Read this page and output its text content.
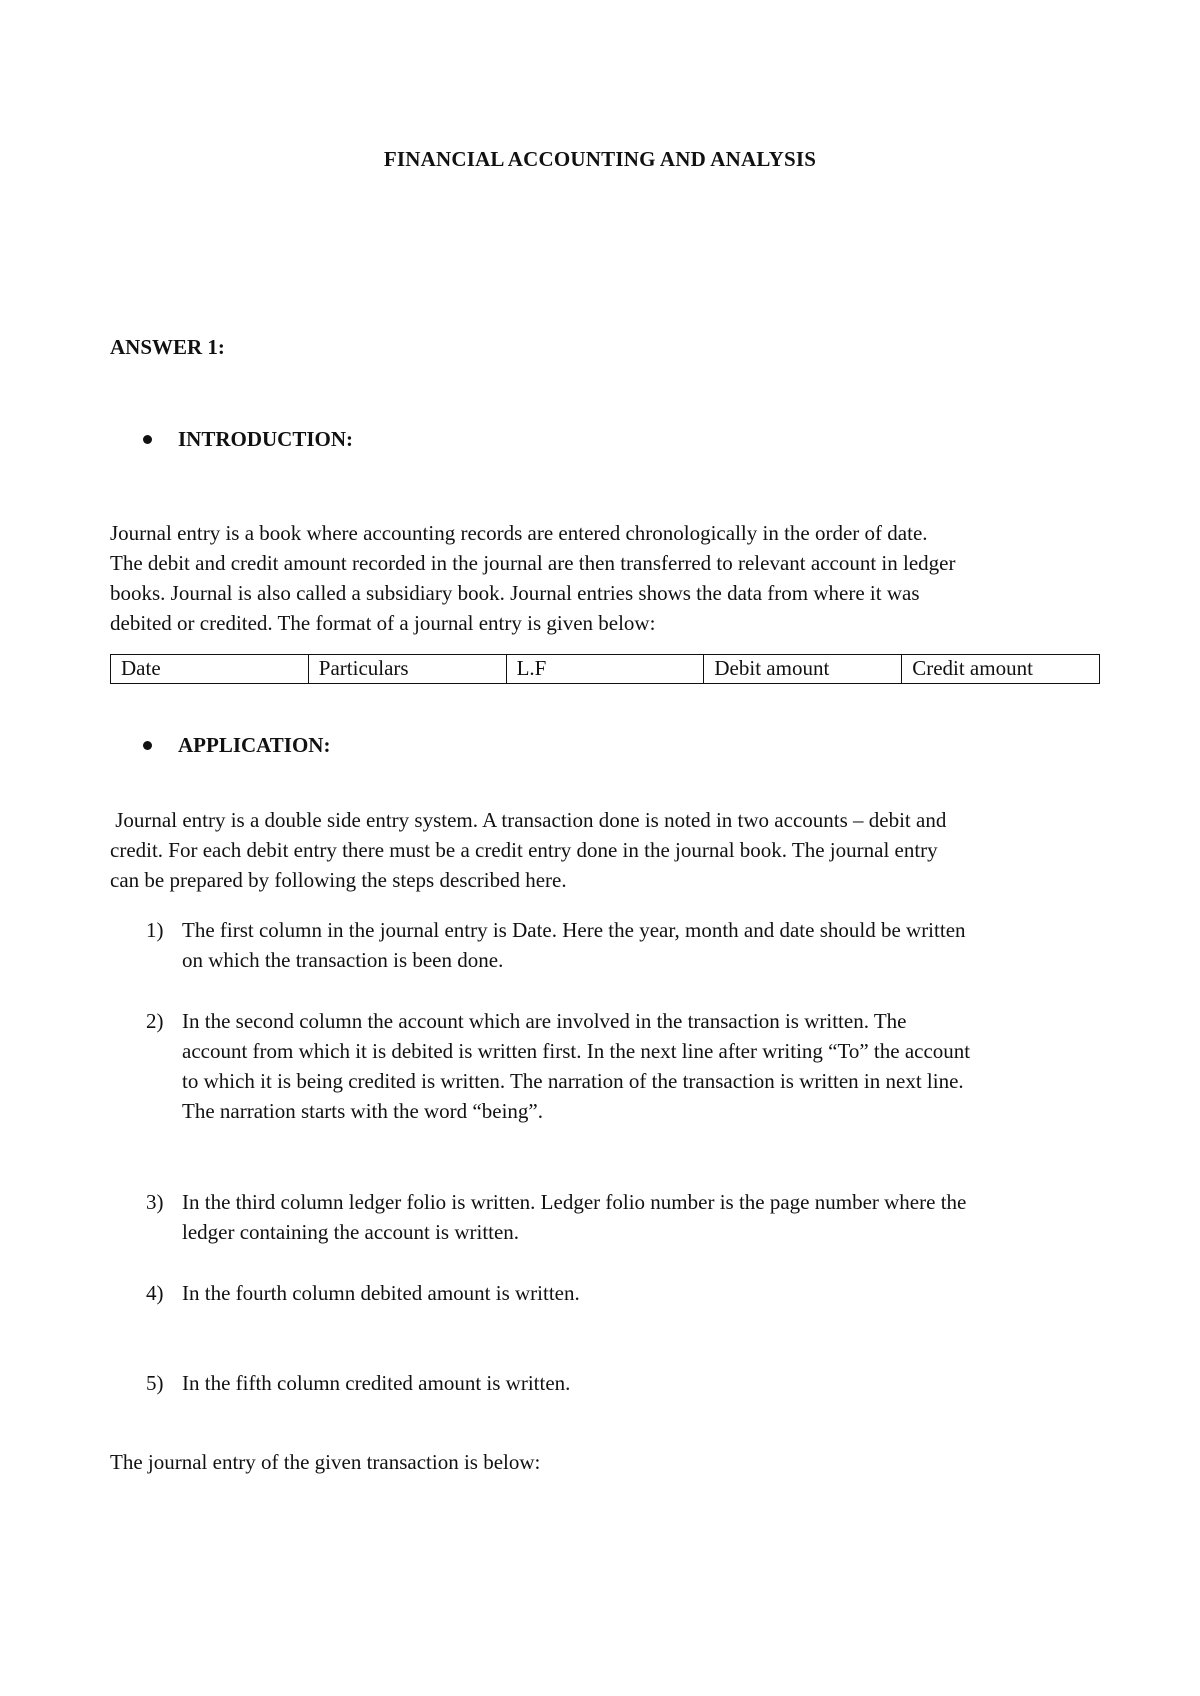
FINANCIAL ACCOUNTING AND ANALYSIS
ANSWER 1:
INTRODUCTION:
Journal entry is a book where accounting records are entered chronologically in the order of date.
The debit and credit amount recorded in the journal are then transferred to relevant account in ledger
books. Journal is also called a subsidiary book. Journal entries shows the data from where it was
debited or credited. The format of a journal entry is given below:
Date	Particulars	L.F	Debit amount	Credit amount
APPLICATION:
Journal entry is a double side entry system. A transaction done is noted in two accounts – debit and
credit. For each debit entry there must be a credit entry done in the journal book. The journal entry
can be prepared by following the steps described here.
1) The first column in the journal entry is Date. Here the year, month and date should be written
on which the transaction is been done.
2) In the second column the account which are involved in the transaction is written. The
account from which it is debited is written first. In the next line after writing “To” the account
to which it is being credited is written. The narration of the transaction is written in next line.
The narration starts with the word “being”.
3) In the third column ledger folio is written. Ledger folio number is the page number where the
ledger containing the account is written.
4) In the fourth column debited amount is written.
5) In the fifth column credited amount is written.
The journal entry of the given transaction is below:
